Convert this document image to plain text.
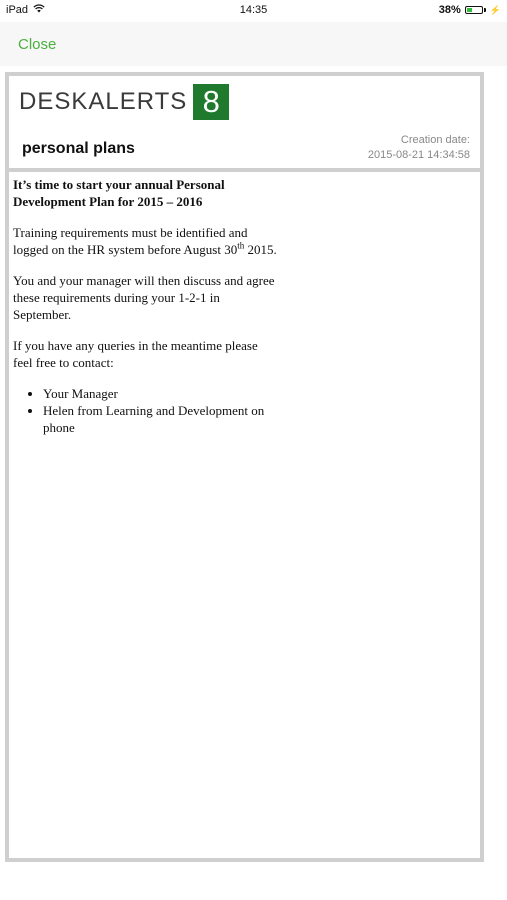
iPad	14:35	38%	⚡
Close
DESKALERTS 8
personal plans	Creation date:
2015-08-21 14:34:58

It’s time to start your annual Personal Development Plan for 2015 – 2016

Training requirements must be identified and logged on the HR system before August 30th 2015.

You and your manager will then discuss and agree these requirements during your 1-2-1 in September.

If you have any queries in the meantime please feel free to contact:

• Your Manager
• Helen from Learning and Development on phone
